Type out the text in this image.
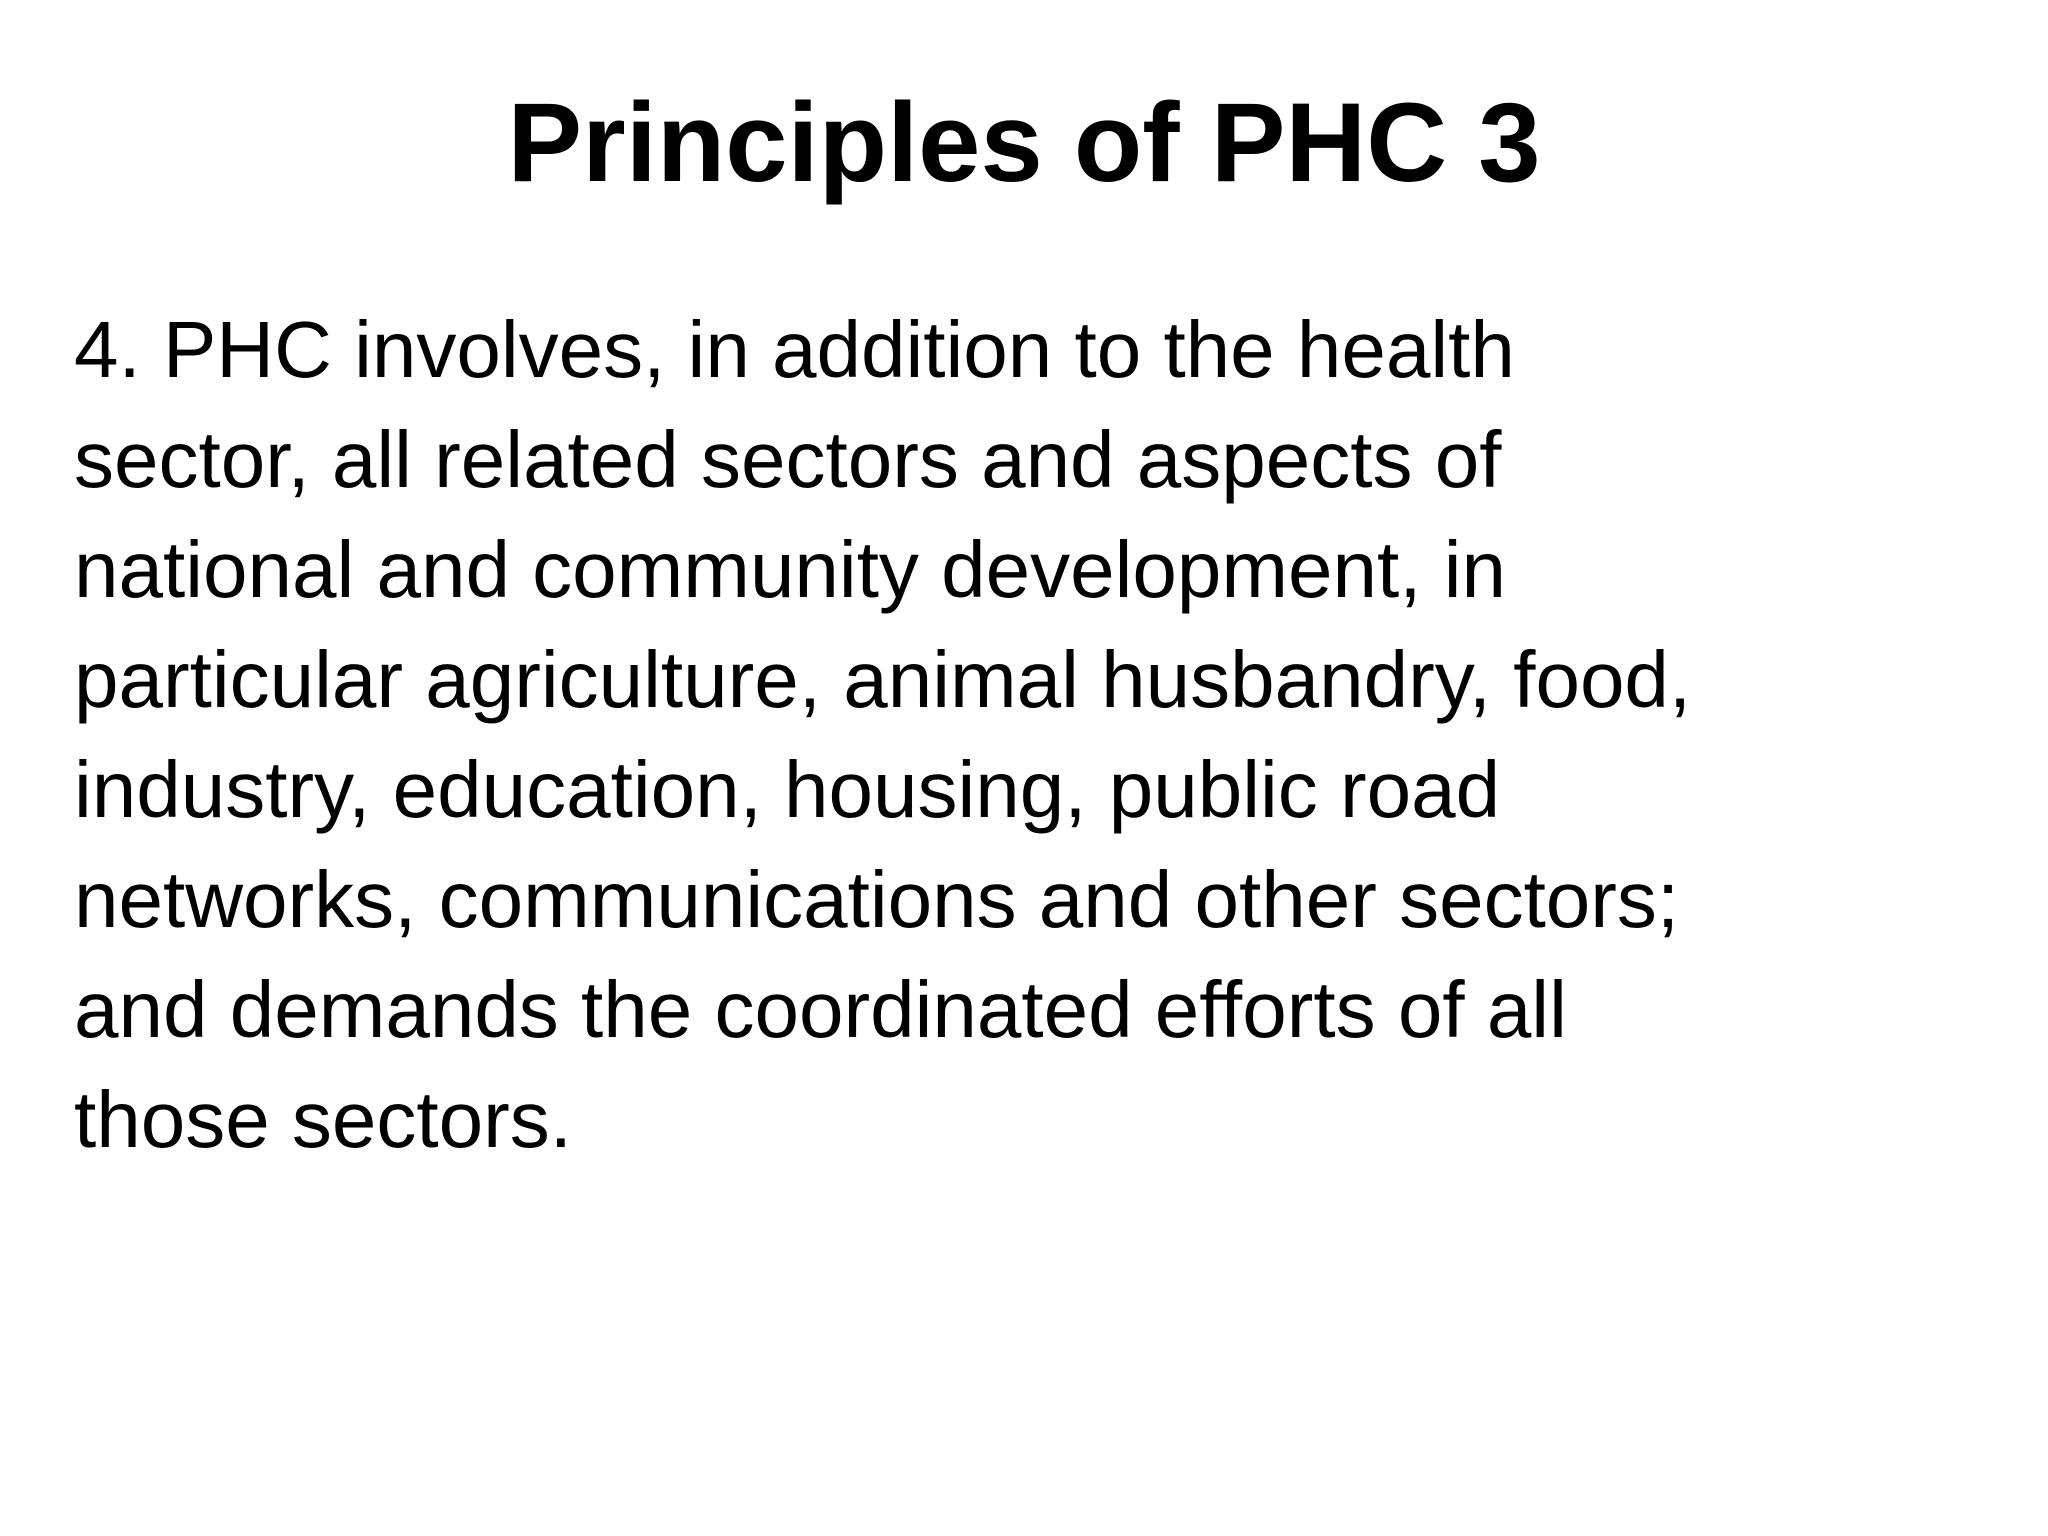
Principles of PHC 3
4. PHC involves, in addition to the health
sector, all related sectors and aspects of
national and community development, in
particular agriculture, animal husbandry, food,
industry, education, housing, public road
networks, communications and other sectors;
and demands the coordinated efforts of all
those sectors.
